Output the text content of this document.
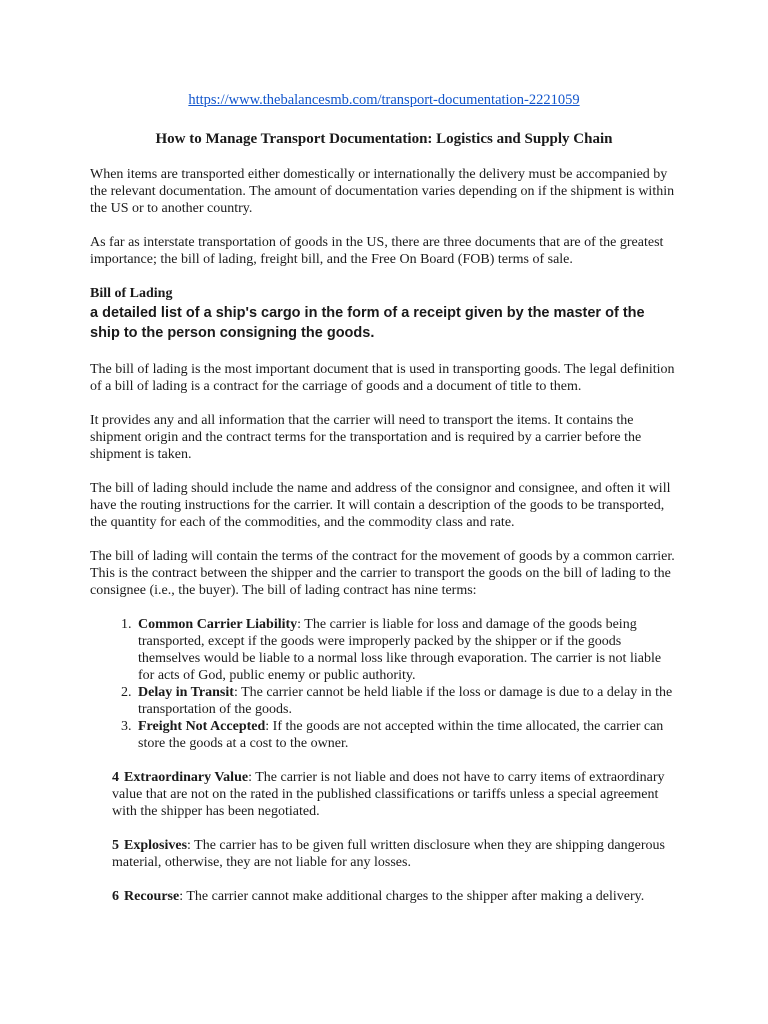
https://www.thebalancesmb.com/transport-documentation-2221059
How to Manage Transport Documentation: Logistics and Supply Chain

When items are transported either domestically or internationally the delivery must be accompanied by the relevant documentation. The amount of documentation varies depending on if the shipment is within the US or to another country.

As far as interstate transportation of goods in the US, there are three documents that are of the greatest importance; the bill of lading, freight bill, and the Free On Board (FOB) terms of sale.

Bill of Lading
a detailed list of a ship's cargo in the form of a receipt given by the master of the ship to the person consigning the goods.

The bill of lading is the most important document that is used in transporting goods. The legal definition of a bill of lading is a contract for the carriage of goods and a document of title to them.

It provides any and all information that the carrier will need to transport the items. It contains the shipment origin and the contract terms for the transportation and is required by a carrier before the shipment is taken.

The bill of lading should include the name and address of the consignor and consignee, and often it will have the routing instructions for the carrier. It will contain a description of the goods to be transported, the quantity for each of the commodities, and the commodity class and rate.

The bill of lading will contain the terms of the contract for the movement of goods by a common carrier. This is the contract between the shipper and the carrier to transport the goods on the bill of lading to the consignee (i.e., the buyer). The bill of lading contract has nine terms:

1. Common Carrier Liability: The carrier is liable for loss and damage of the goods being transported, except if the goods were improperly packed by the shipper or if the goods themselves would be liable to a normal loss like through evaporation. The carrier is not liable for acts of God, public enemy or public authority.
2. Delay in Transit: The carrier cannot be held liable if the loss or damage is due to a delay in the transportation of the goods.
3. Freight Not Accepted: If the goods are not accepted within the time allocated, the carrier can store the goods at a cost to the owner.
4 Extraordinary Value: The carrier is not liable and does not have to carry items of extraordinary value that are not on the rated in the published classifications or tariffs unless a special agreement with the shipper has been negotiated.
5 Explosives: The carrier has to be given full written disclosure when they are shipping dangerous material, otherwise, they are not liable for any losses.
6 Recourse: The carrier cannot make additional charges to the shipper after making a delivery.
